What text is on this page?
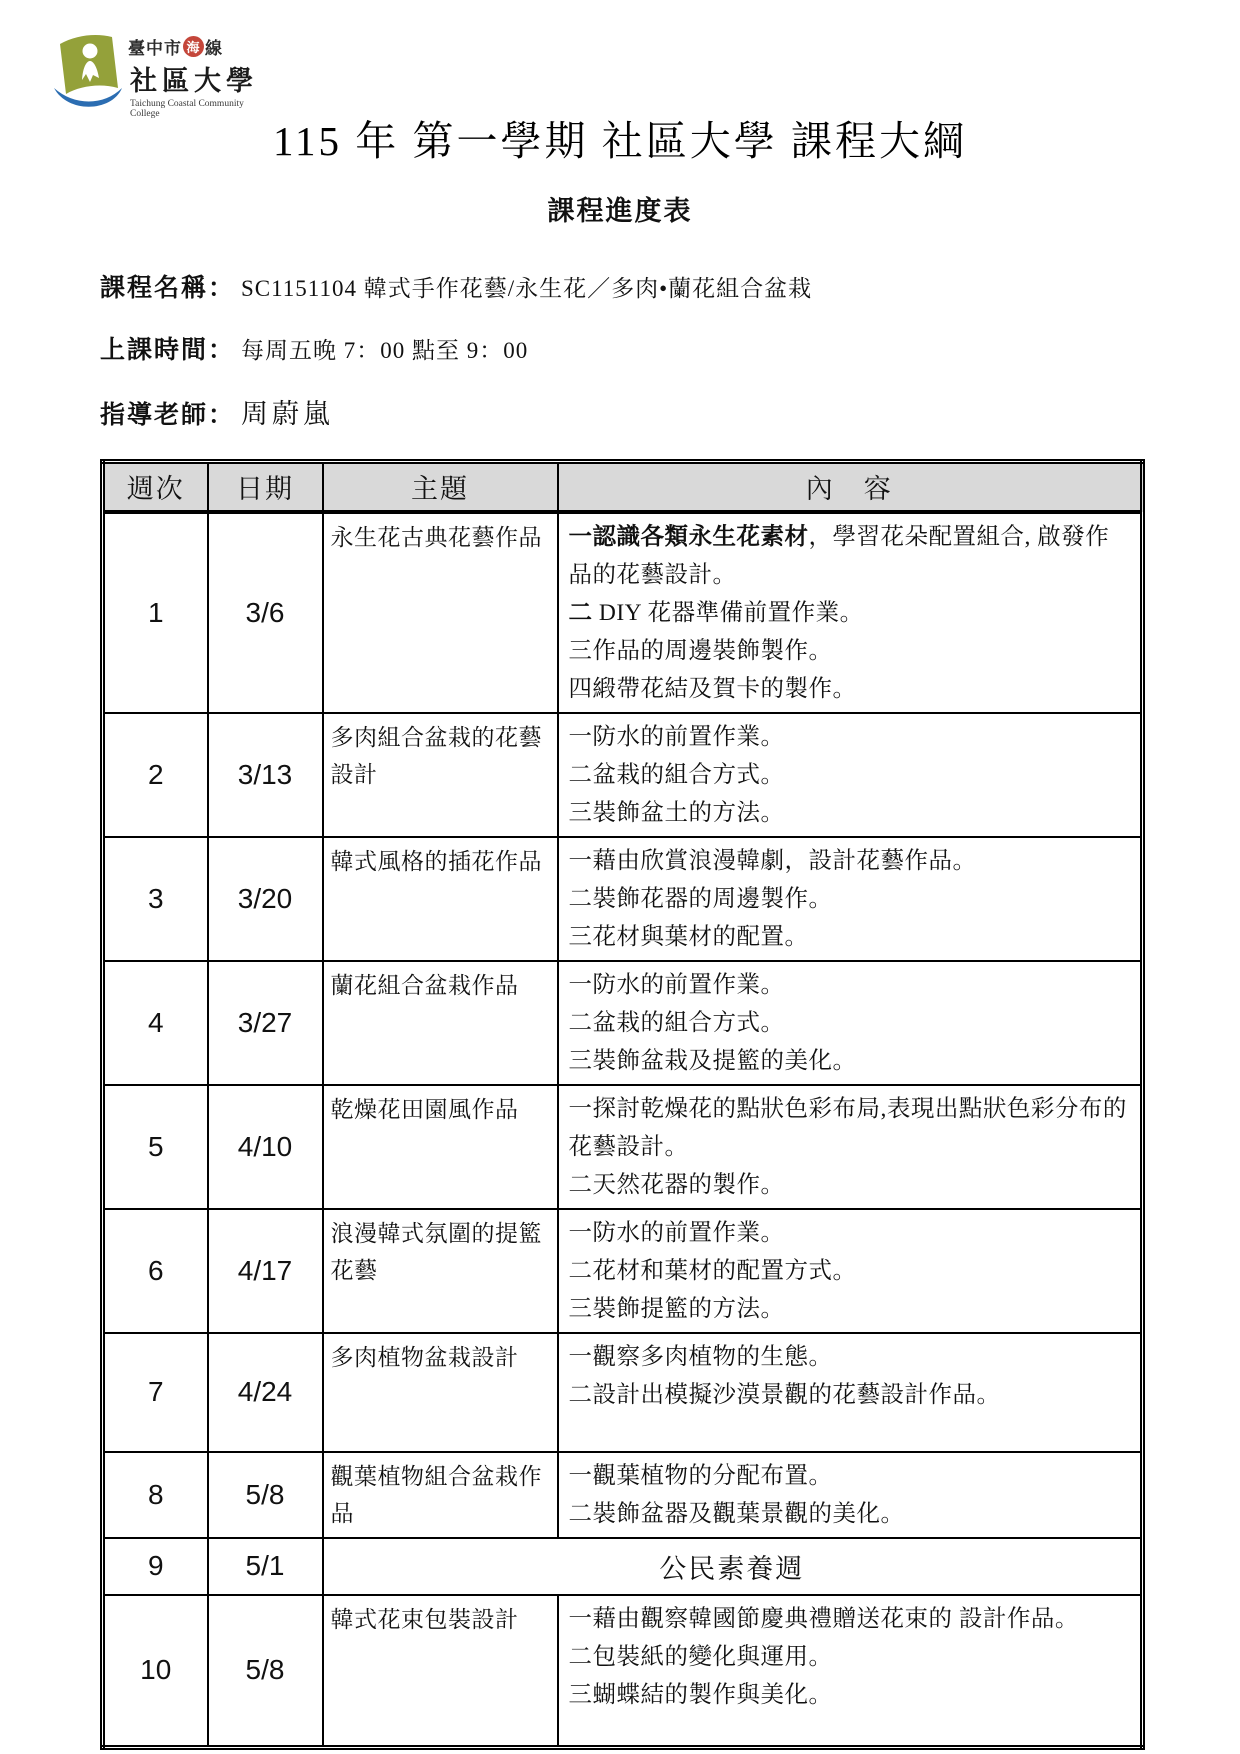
臺中市 海 線
社區大學
Taichung Coastal Community College
115 年 第一學期 社區大學 課程大綱
課程進度表
課程名稱： SC1151104 韓式手作花藝/永生花／多肉•蘭花組合盆栽
上課時間： 每周五晚 7：00 點至 9：00
指導老師： 周蔚嵐
週次	日期	主題	內　容
1	3/6	永生花古典花藝作品	一認識各類永生花素材，學習花朵配置組合, 啟發作品的花藝設計。

二 DIY 花器準備前置作業。

三作品的周邊裝飾製作。

四緞帶花結及賀卡的製作。

2	3/13	多肉組合盆栽的花藝設計	一防水的前置作業。

二盆栽的組合方式。

三裝飾盆土的方法。

3	3/20	韓式風格的插花作品	一藉由欣賞浪漫韓劇，設計花藝作品。

二裝飾花器的周邊製作。

三花材與葉材的配置。

4	3/27	蘭花組合盆栽作品	一防水的前置作業。

二盆栽的組合方式。

三裝飾盆栽及提籃的美化。

5	4/10	乾燥花田園風作品	一探討乾燥花的點狀色彩布局,表現出點狀色彩分布的花藝設計。

二天然花器的製作。

6	4/17	浪漫韓式氛圍的提籃花藝	一防水的前置作業。

二花材和葉材的配置方式。

三裝飾提籃的方法。

7	4/24	多肉植物盆栽設計	一觀察多肉植物的生態。

二設計出模擬沙漠景觀的花藝設計作品。

8	5/8	觀葉植物組合盆栽作品	一觀葉植物的分配布置。

二裝飾盆器及觀葉景觀的美化。

9	5/1	公民素養週	
10	5/8	韓式花束包裝設計	一藉由觀察韓國節慶典禮贈送花束的 設計作品。

二包裝紙的變化與運用。

三蝴蝶結的製作與美化。
